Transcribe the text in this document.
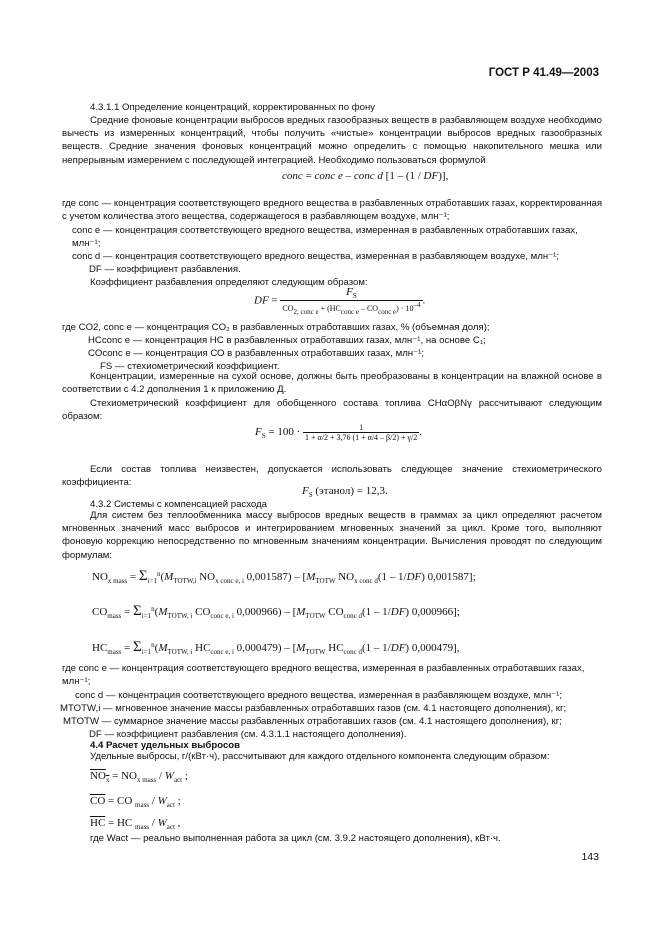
ГОСТ Р 41.49—2003

4.3.1.1 Определение концентраций, корректированных по фону

Средние фоновые концентрации выбросов вредных газообразных веществ в разбавляющем воздухе необходимо вычесть из измеренных концентраций, чтобы получить «чистые» концентрации выбросов вредных газообразных веществ. Средние значения фоновых концентраций можно определить с помощью накопительного мешка или непрерывным измерением с последующей интеграцией. Необходимо пользоваться формулой

conc = conc e – conc d [1 – (1 / DF)],
где conc — концентрация соответствующего вредного вещества в разбавленных отработавших газах, корректированная с учетом количества этого вещества, содержащегося в разбавляющем воздухе, млн⁻¹;
conc e — концентрация соответствующего вредного вещества, измеренная в разбавленных отработавших газах, млн⁻¹;
conc d — концентрация соответствующего вредного вещества, измеренная в разбавляющем воздухе, млн⁻¹;
DF — коэффициент разбавления.

Коэффициент разбавления определяют следующим образом:

DF =
$F_S$
CO2, conc e + (HCconc e – COconc e) · 10–4 .
где CO2, conc e — концентрация CO₂ в разбавленных отработавших газах, % (объемная доля);
HCconc e — концентрация НС в разбавленных отработавших газах, млн⁻¹, на основе C₁;
COconc e — концентрация СО в разбавленных отработавших газах, млн⁻¹;
FS — стехиометрический коэффициент.

Концентрации, измеренные на сухой основе, должны быть преобразованы в концентрации на влажной основе в соответствии с 4.2 дополнения 1 к приложению Д.

Стехиометрический коэффициент для обобщенного состава топлива CHαOβNγ рассчитывают следующим образом:

$F_S = 100 \cdot \frac{1}{1 + \alpha/2 + 3,76 (1 + \alpha/4 - \beta/2) + \gamma/2}$ .

Если состав топлива неизвестен, допускается использовать следующее значение стехиометрического коэффициента:

$F_S$ (этанол) = 12,3.

4.3.2 Системы с компенсацией расхода

Для систем без теплообменника массу выбросов вредных веществ в граммах за цикл определяют расчетом мгновенных значений масс выбросов и интегрированием мгновенных значений за цикл. Кроме того, выполняют фоновую коррекцию непосредственно по мгновенным значениям концентрации. Вычисления проводят по следующим формулам:

$NO_{x mass} = \Sigma_{i=1}^n(M_{TOTW,i}$ $NO_{x conc e, i}$ $0,001587) - [M_{TOTW}$ $NO_{x conc d}(1 - 1/DF)$ 0,001587];
$CO_{mass} = \Sigma_{i=1}^n(M_{TOTW, i}$ $CO_{conc e, i}$ $0,000966) - [M_{TOTW}$ $CO_{conc d}(1 - 1/DF)$ 0,000966];
$HC_{mass} = \Sigma_{i=1}^n(M_{TOTW, i}$ $HC_{conc e, i}$ $0,000479) - [M_{TOTW}$ $HC_{conc d}(1 - 1/DF)$ 0,000479],
где conc e — концентрация соответствующего вредного вещества, измеренная в разбавленных отработавших газах, млн⁻¹;
conc d — концентрация соответствующего вредного вещества, измеренная в разбавляющем воздухе, млн⁻¹;
MTOTW,i — мгновенное значение массы разбавленных отработавших газов (см. 4.1 настоящего дополнения), кг;
MTOTW — суммарное значение массы разбавленных отработавших газов (см. 4.1 настоящего дополнения), кг;
DF — коэффициент разбавления (см. 4.3.1.1 настоящего дополнения).

4.4 Расчет удельных выбросов

Удельные выбросы, г/(кВт·ч), рассчитывают для каждого отдельного компонента следующим образом:

$NO_x = NO_{x mass} / W_{act}$ ;
$\overline{CO}$ = CO $_{mass} / W_{act}$ ;
$\overline{HC}$ = HC $_{mass} / W_{act}$ ,

где Wact — реально выполненная работа за цикл (см. 3.9.2 настоящего дополнения), кВт·ч.

143
